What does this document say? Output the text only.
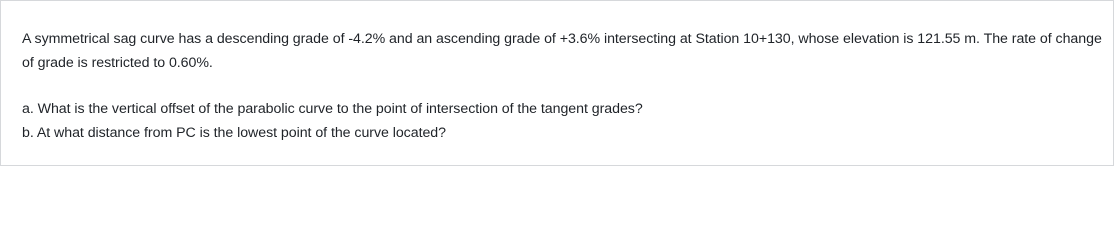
A symmetrical sag curve has a descending grade of -4.2% and an ascending grade of +3.6% intersecting at Station 10+130, whose elevation is 121.55 m. The rate of change of grade is restricted to 0.60%.

a. What is the vertical offset of the parabolic curve to the point of intersection of the tangent grades?

b. At what distance from PC is the lowest point of the curve located?
